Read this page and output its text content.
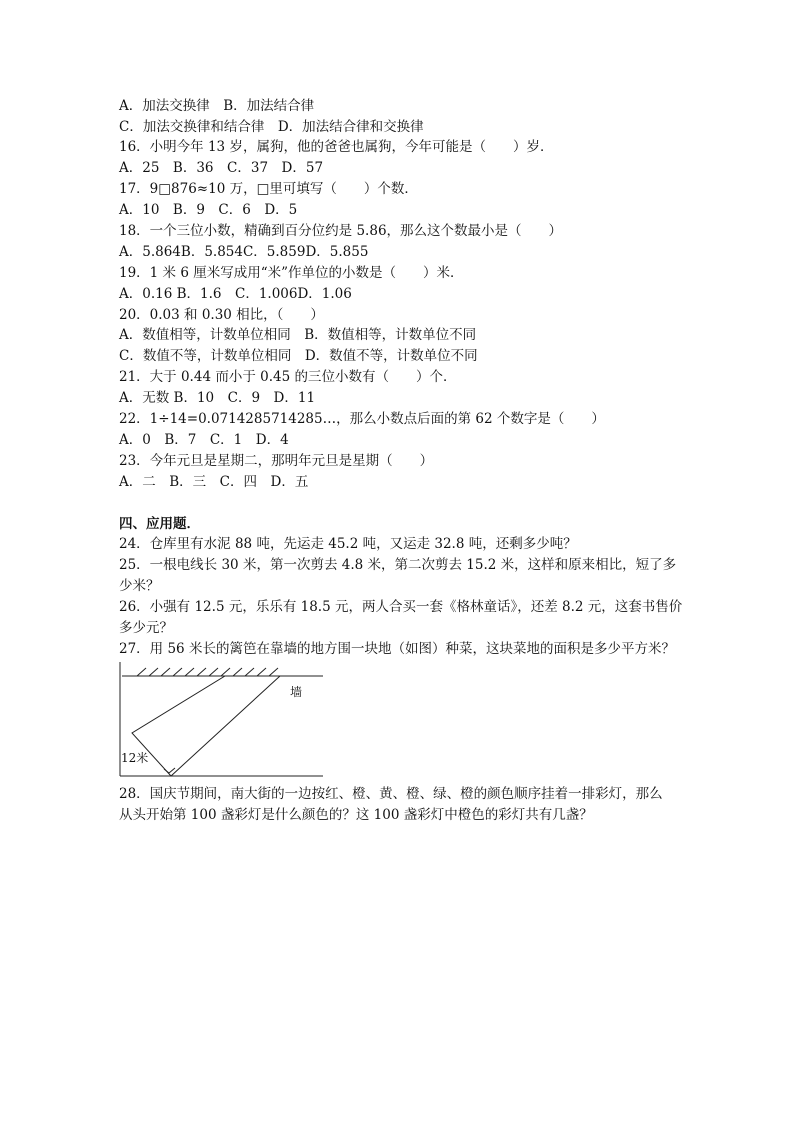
A．加法交换律　B．加法结合律
C．加法交换律和结合律　D．加法结合律和交换律
16．小明今年 13 岁，属狗，他的爸爸也属狗，今年可能是（　　）岁．
A．25　B．36　C．37　D．57
17．9□876≈10 万，□里可填写（　　）个数．
A．10　B．9　C．6　D．5
18．一个三位小数，精确到百分位约是 5.86，那么这个数最小是（　　）
A．5.864B．5.854C．5.859D．5.855
19．1 米 6 厘米写成用“米”作单位的小数是（　　）米．
A．0.16 B．1.6　C．1.006D．1.06
20．0.03 和 0.30 相比，（　　）
A．数值相等，计数单位相同　B．数值相等，计数单位不同
C．数值不等，计数单位相同　D．数值不等，计数单位不同
21．大于 0.44 而小于 0.45 的三位小数有（　　）个．
A．无数 B．10　C．9　D．11
22．1÷14=0.0714285714285…，那么小数点后面的第 62 个数字是（　　）
A．0　B．7　C．1　D．4
23．今年元旦是星期二，那明年元旦是星期（　　）
A．二　B．三　C．四　D．五
四、应用题．
24．仓库里有水泥 88 吨，先运走 45.2 吨，又运走 32.8 吨，还剩多少吨？
25．一根电线长 30 米，第一次剪去 4.8 米，第二次剪去 15.2 米，这样和原来相比，短了多
少米？
26．小强有 12.5 元，乐乐有 18.5 元，两人合买一套《格林童话》，还差 8.2 元，这套书售价
多少元？
27．用 56 米长的篱笆在靠墙的地方围一块地（如图）种菜，这块菜地的面积是多少平方米？
墙
12米
28．国庆节期间，南大街的一边按红、橙、黄、橙、绿、橙的颜色顺序挂着一排彩灯，那么
从头开始第 100 盏彩灯是什么颜色的？这 100 盏彩灯中橙色的彩灯共有几盏？
